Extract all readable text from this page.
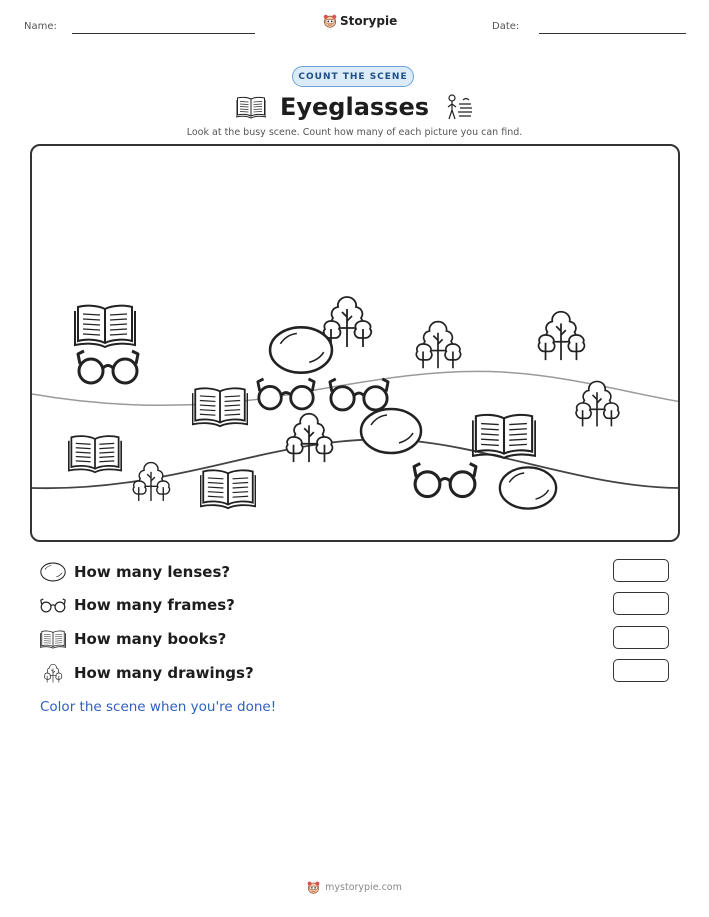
Name:	Storypie	Date:
COUNT THE SCENE
Eyeglasses
Look at the busy scene. Count how many of each picture you can find.
How many lenses?
How many frames?
How many books?
How many drawings?
Color the scene when you're done!
mystorypie.com
